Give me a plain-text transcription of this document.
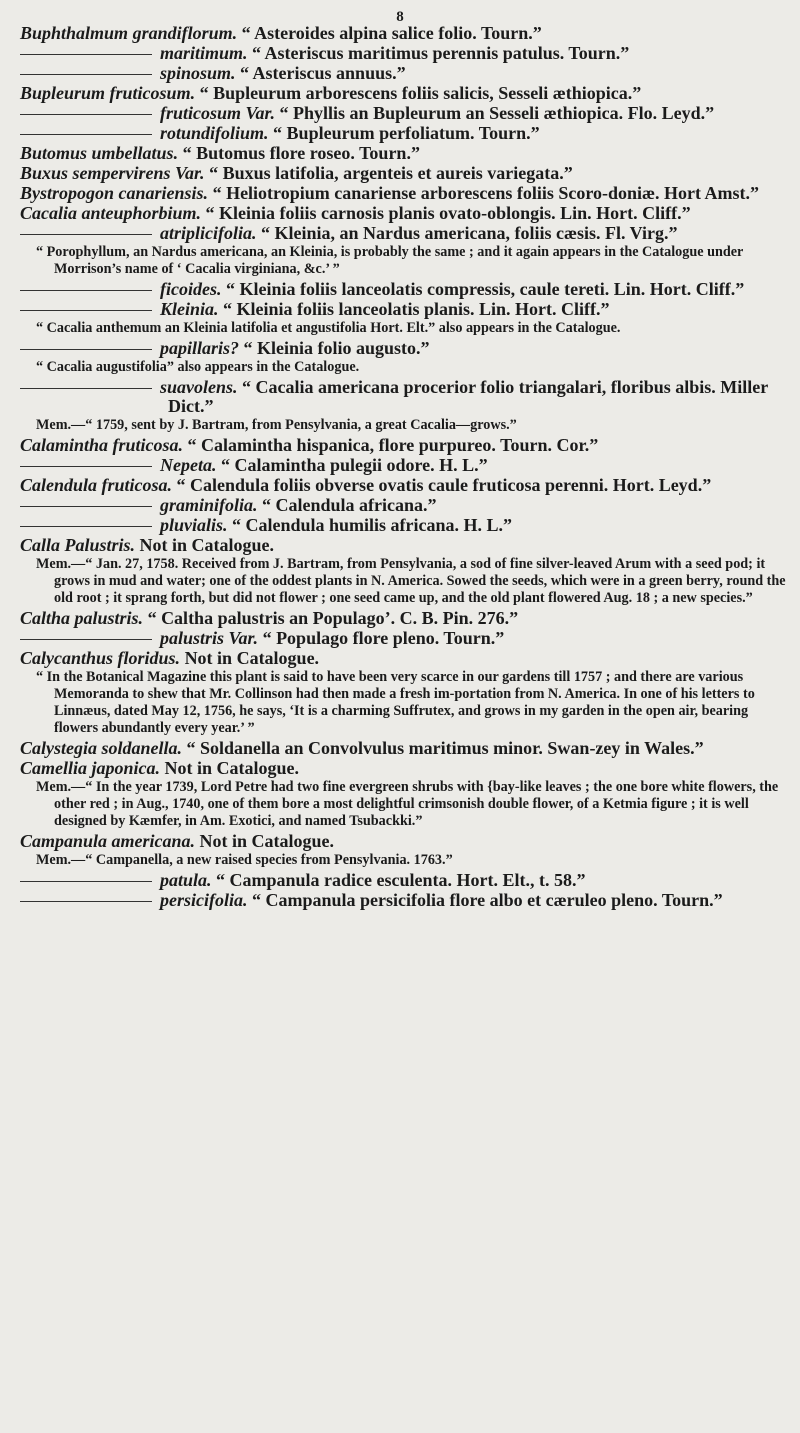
8
Buphthalmum grandiflorum. “ Asteroides alpina salice folio. Tourn.”
maritimum. “ Asteriscus maritimus perennis patulus. Tourn.”
spinosum. “ Asteriscus annuus.”
Bupleurum fruticosum. “ Bupleurum arborescens foliis salicis, Sesseli æthiopica.”
fruticosum Var. “ Phyllis an Bupleurum an Sesseli æthiopica. Flo. Leyd.”
rotundifolium. “ Bupleurum perfoliatum. Tourn.”
Butomus umbellatus. “ Butomus flore roseo. Tourn.”
Buxus sempervirens Var. “ Buxus latifolia, argenteis et aureis variegata.”
Bystropogon canariensis. “ Heliotropium canariense arborescens foliis Scoro-doniæ. Hort Amst.”
Cacalia anteuphorbium. “ Kleinia foliis carnosis planis ovato-oblongis. Lin. Hort. Cliff.”
atriplicifolia. “ Kleinia, an Nardus americana, foliis cæsis. Fl. Virg.”
“ Porophyllum, an Nardus americana, an Kleinia, is probably the same ; and it again appears in the Catalogue under Morrison’s name of ‘ Cacalia virginiana, &c.’ ”
ficoides. “ Kleinia foliis lanceolatis compressis, caule tereti. Lin. Hort. Cliff.”
Kleinia. “ Kleinia foliis lanceolatis planis. Lin. Hort. Cliff.”
“ Cacalia anthemum an Kleinia latifolia et angustifolia Hort. Elt.” also appears in the Catalogue.
papillaris? “ Kleinia folio augusto.”
“ Cacalia augustifolia” also appears in the Catalogue.
suavolens. “ Cacalia americana procerior folio triangalari, floribus albis. Miller Dict.”
Mem.—“ 1759, sent by J. Bartram, from Pensylvania, a great Cacalia—grows.”
Calamintha fruticosa. “ Calamintha hispanica, flore purpureo. Tourn. Cor.”
Nepeta. “ Calamintha pulegii odore. H. L.”
Calendula fruticosa. “ Calendula foliis obverse ovatis caule fruticosa perenni. Hort. Leyd.”
graminifolia. “ Calendula africana.”
pluvialis. “ Calendula humilis africana. H. L.”
Calla Palustris. Not in Catalogue.
Mem.—“ Jan. 27, 1758. Received from J. Bartram, from Pensylvania, a sod of fine silver-leaved Arum with a seed pod; it grows in mud and water; one of the oddest plants in N. America. Sowed the seeds, which were in a green berry, round the old root ; it sprang forth, but did not flower ; one seed came up, and the old plant flowered Aug. 18 ; a new species.”
Caltha palustris. “ Caltha palustris an Populago’. C. B. Pin. 276.”
palustris Var. “ Populago flore pleno. Tourn.”
Calycanthus floridus. Not in Catalogue.
“ In the Botanical Magazine this plant is said to have been very scarce in our gardens till 1757 ; and there are various Memoranda to shew that Mr. Collinson had then made a fresh im-portation from N. America. In one of his letters to Linnæus, dated May 12, 1756, he says, ‘It is a charming Suffrutex, and grows in my garden in the open air, bearing flowers abundantly every year.’ ”
Calystegia soldanella. “ Soldanella an Convolvulus maritimus minor. Swan-zey in Wales.”
Camellia japonica. Not in Catalogue.
Mem.—“ In the year 1739, Lord Petre had two fine evergreen shrubs with {bay-like leaves ; the one bore white flowers, the other red ; in Aug., 1740, one of them bore a most delightful crimsonish double flower, of a Ketmia figure ; it is well designed by Kæmfer, in Am. Exotici, and named Tsubackki.”
Campanula americana. Not in Catalogue.
Mem.—“ Campanella, a new raised species from Pensylvania. 1763.”
patula. “ Campanula radice esculenta. Hort. Elt., t. 58.”
persicifolia. “ Campanula persicifolia flore albo et cæruleo pleno. Tourn.”
